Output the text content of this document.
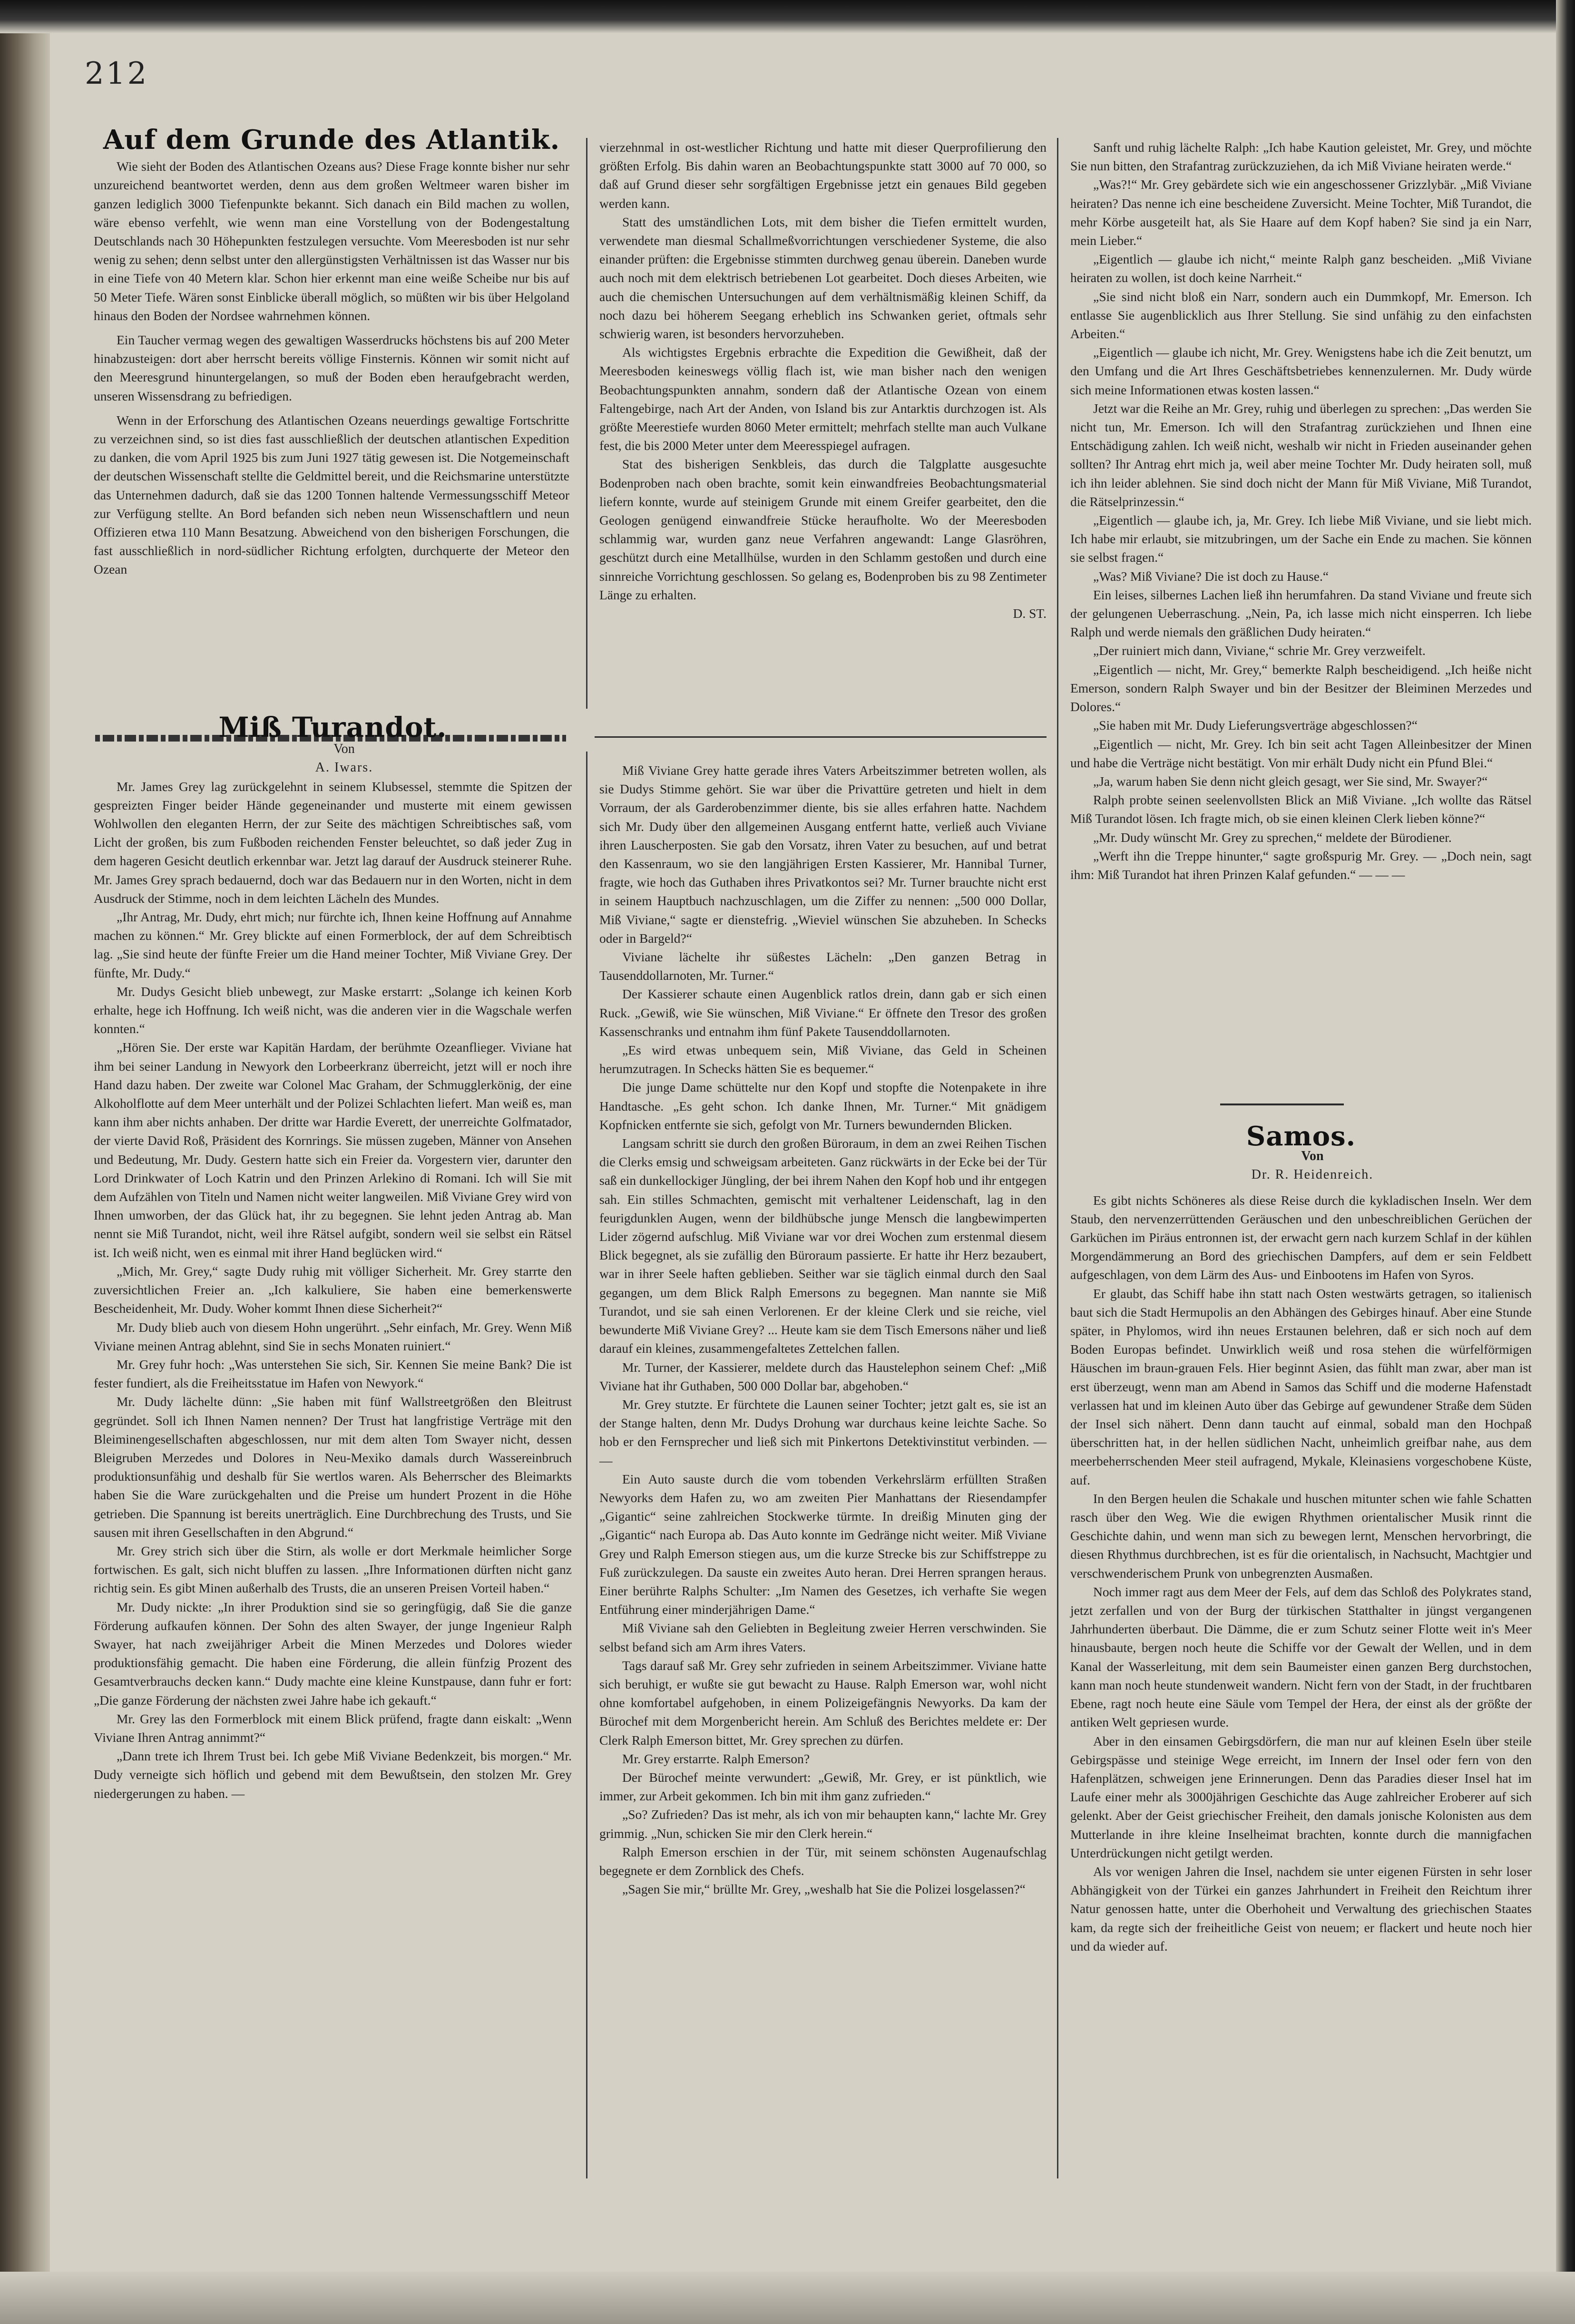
212
Auf dem Grunde des Atlantik.

Wie sieht der Boden des Atlantischen Ozeans aus? Diese Frage konnte bisher nur sehr unzureichend beantwortet werden, denn aus dem großen Weltmeer waren bisher im ganzen lediglich 3000 Tiefenpunkte bekannt. Sich danach ein Bild machen zu wollen, wäre ebenso verfehlt, wie wenn man eine Vorstellung von der Bodengestaltung Deutschlands nach 30 Höhepunkten festzulegen versuchte. Vom Meeresboden ist nur sehr wenig zu sehen; denn selbst unter den allergünstigsten Verhältnissen ist das Wasser nur bis in eine Tiefe von 40 Metern klar. Schon hier erkennt man eine weiße Scheibe nur bis auf 50 Meter Tiefe. Wären sonst Einblicke überall möglich, so müßten wir bis über Helgoland hinaus den Boden der Nordsee wahrnehmen können.

Ein Taucher vermag wegen des gewaltigen Wasserdrucks höchstens bis auf 200 Meter hinabzusteigen: dort aber herrscht bereits völlige Finsternis. Können wir somit nicht auf den Meeresgrund hinuntergelangen, so muß der Boden eben heraufgebracht werden, unseren Wissensdrang zu befriedigen.

Wenn in der Erforschung des Atlantischen Ozeans neuerdings gewaltige Fortschritte zu verzeichnen sind, so ist dies fast ausschließlich der deutschen atlantischen Expedition zu danken, die vom April 1925 bis zum Juni 1927 tätig gewesen ist. Die Notgemeinschaft der deutschen Wissenschaft stellte die Geldmittel bereit, und die Reichsmarine unterstützte das Unternehmen dadurch, daß sie das 1200 Tonnen haltende Vermessungsschiff Meteor zur Verfügung stellte. An Bord befanden sich neben neun Wissenschaftlern und neun Offizieren etwa 110 Mann Besatzung. Abweichend von den bisherigen Forschungen, die fast ausschließlich in nord-südlicher Richtung erfolgten, durchquerte der Meteor den Ozean

vierzehnmal in ost-westlicher Richtung und hatte mit dieser Querprofilierung den größten Erfolg. Bis dahin waren an Beobachtungspunkte statt 3000 auf 70 000, so daß auf Grund dieser sehr sorgfältigen Ergebnisse jetzt ein genaues Bild gegeben werden kann.

Statt des umständlichen Lots, mit dem bisher die Tiefen ermittelt wurden, verwendete man diesmal Schallmeßvorrichtungen verschiedener Systeme, die also einander prüften: die Ergebnisse stimmten durchweg genau überein. Daneben wurde auch noch mit dem elektrisch betriebenen Lot gearbeitet. Doch dieses Arbeiten, wie auch die chemischen Untersuchungen auf dem verhältnismäßig kleinen Schiff, da noch dazu bei höherem Seegang erheblich ins Schwanken geriet, oftmals sehr schwierig waren, ist besonders hervorzuheben.

Als wichtigstes Ergebnis erbrachte die Expedition die Gewißheit, daß der Meeresboden keineswegs völlig flach ist, wie man bisher nach den wenigen Beobachtungspunkten annahm, sondern daß der Atlantische Ozean von einem Faltengebirge, nach Art der Anden, von Island bis zur Antarktis durchzogen ist. Als größte Meerestiefe wurden 8060 Meter ermittelt; mehrfach stellte man auch Vulkane fest, die bis 2000 Meter unter dem Meeresspiegel aufragen.

Stat des bisherigen Senkbleis, das durch die Talgplatte ausgesuchte Bodenproben nach oben brachte, somit kein einwandfreies Beobachtungsmaterial liefern konnte, wurde auf steinigem Grunde mit einem Greifer gearbeitet, den die Geologen genügend einwandfreie Stücke heraufholte. Wo der Meeresboden schlammig war, wurden ganz neue Verfahren angewandt: Lange Glasröhren, geschützt durch eine Metallhülse, wurden in den Schlamm gestoßen und durch eine sinnreiche Vorrichtung geschlossen. So gelang es, Bodenproben bis zu 98 Zentimeter Länge zu erhalten.

D. ST.

Miß Turandot.

Von

A. Iwars.

Mr. James Grey lag zurückgelehnt in seinem Klubsessel, stemmte die Spitzen der gespreizten Finger beider Hände gegeneinander und musterte mit einem gewissen Wohlwollen den eleganten Herrn, der zur Seite des mächtigen Schreibtisches saß, vom Licht der großen, bis zum Fußboden reichenden Fenster beleuchtet, so daß jeder Zug in dem hageren Gesicht deutlich erkennbar war. Jetzt lag darauf der Ausdruck steinerer Ruhe. Mr. James Grey sprach bedauernd, doch war das Bedauern nur in den Worten, nicht in dem Ausdruck der Stimme, noch in dem leichten Lächeln des Mundes.

„Ihr Antrag, Mr. Dudy, ehrt mich; nur fürchte ich, Ihnen keine Hoffnung auf Annahme machen zu können.“ Mr. Grey blickte auf einen Formerblock, der auf dem Schreibtisch lag. „Sie sind heute der fünfte Freier um die Hand meiner Tochter, Miß Viviane Grey. Der fünfte, Mr. Dudy.“

Mr. Dudys Gesicht blieb unbewegt, zur Maske erstarrt: „Solange ich keinen Korb erhalte, hege ich Hoffnung. Ich weiß nicht, was die anderen vier in die Wagschale werfen konnten.“

„Hören Sie. Der erste war Kapitän Hardam, der berühmte Ozeanflieger. Viviane hat ihm bei seiner Landung in Newyork den Lorbeerkranz überreicht, jetzt will er noch ihre Hand dazu haben. Der zweite war Colonel Mac Graham, der Schmugglerkönig, der eine Alkoholflotte auf dem Meer unterhält und der Polizei Schlachten liefert. Man weiß es, man kann ihm aber nichts anhaben. Der dritte war Hardie Everett, der unerreichte Golfmatador, der vierte David Roß, Präsident des Kornrings. Sie müssen zugeben, Männer von Ansehen und Bedeutung, Mr. Dudy. Gestern hatte sich ein Freier da. Vorgestern vier, darunter den Lord Drinkwater of Loch Katrin und den Prinzen Arlekino di Romani. Ich will Sie mit dem Aufzählen von Titeln und Namen nicht weiter langweilen. Miß Viviane Grey wird von Ihnen umworben, der das Glück hat, ihr zu begegnen. Sie lehnt jeden Antrag ab. Man nennt sie Miß Turandot, nicht, weil ihre Rätsel aufgibt, sondern weil sie selbst ein Rätsel ist. Ich weiß nicht, wen es einmal mit ihrer Hand beglücken wird.“

„Mich, Mr. Grey,“ sagte Dudy ruhig mit völliger Sicherheit. Mr. Grey starrte den zuversichtlichen Freier an. „Ich kalkuliere, Sie haben eine bemerkenswerte Bescheidenheit, Mr. Dudy. Woher kommt Ihnen diese Sicherheit?“

Mr. Dudy blieb auch von diesem Hohn ungerührt. „Sehr einfach, Mr. Grey. Wenn Miß Viviane meinen Antrag ablehnt, sind Sie in sechs Monaten ruiniert.“

Mr. Grey fuhr hoch: „Was unterstehen Sie sich, Sir. Kennen Sie meine Bank? Die ist fester fundiert, als die Freiheitsstatue im Hafen von Newyork.“

Mr. Dudy lächelte dünn: „Sie haben mit fünf Wallstreetgrößen den Bleitrust gegründet. Soll ich Ihnen Namen nennen? Der Trust hat langfristige Verträge mit den Bleiminengesellschaften abgeschlossen, nur mit dem alten Tom Swayer nicht, dessen Bleigruben Merzedes und Dolores in Neu-Mexiko damals durch Wassereinbruch produktionsunfähig und deshalb für Sie wertlos waren. Als Beherrscher des Bleimarkts haben Sie die Ware zurückgehalten und die Preise um hundert Prozent in die Höhe getrieben. Die Spannung ist bereits unerträglich. Eine Durchbrechung des Trusts, und Sie sausen mit ihren Gesellschaften in den Abgrund.“

Mr. Grey strich sich über die Stirn, als wolle er dort Merkmale heimlicher Sorge fortwischen. Es galt, sich nicht bluffen zu lassen. „Ihre Informationen dürften nicht ganz richtig sein. Es gibt Minen außerhalb des Trusts, die an unseren Preisen Vorteil haben.“

Mr. Dudy nickte: „In ihrer Produktion sind sie so geringfügig, daß Sie die ganze Förderung aufkaufen können. Der Sohn des alten Swayer, der junge Ingenieur Ralph Swayer, hat nach zweijähriger Arbeit die Minen Merzedes und Dolores wieder produktionsfähig gemacht. Die haben eine Förderung, die allein fünfzig Prozent des Gesamtverbrauchs decken kann.“ Dudy machte eine kleine Kunstpause, dann fuhr er fort: „Die ganze Förderung der nächsten zwei Jahre habe ich gekauft.“

Mr. Grey las den Formerblock mit einem Blick prüfend, fragte dann eiskalt: „Wenn Viviane Ihren Antrag annimmt?“

„Dann trete ich Ihrem Trust bei. Ich gebe Miß Viviane Bedenkzeit, bis morgen.“ Mr. Dudy verneigte sich höflich und gebend mit dem Bewußtsein, den stolzen Mr. Grey niedergerungen zu haben. —

Miß Viviane Grey hatte gerade ihres Vaters Arbeitszimmer betreten wollen, als sie Dudys Stimme gehört. Sie war über die Privattüre getreten und hielt in dem Vorraum, der als Garderobenzimmer diente, bis sie alles erfahren hatte. Nachdem sich Mr. Dudy über den allgemeinen Ausgang entfernt hatte, verließ auch Viviane ihren Lauscherposten. Sie gab den Vorsatz, ihren Vater zu besuchen, auf und betrat den Kassenraum, wo sie den langjährigen Ersten Kassierer, Mr. Hannibal Turner, fragte, wie hoch das Guthaben ihres Privatkontos sei? Mr. Turner brauchte nicht erst in seinem Hauptbuch nachzuschlagen, um die Ziffer zu nennen: „500 000 Dollar, Miß Viviane,“ sagte er dienstefrig. „Wieviel wünschen Sie abzuheben. In Schecks oder in Bargeld?“

Viviane lächelte ihr süßestes Lächeln: „Den ganzen Betrag in Tausenddollarnoten, Mr. Turner.“

Der Kassierer schaute einen Augenblick ratlos drein, dann gab er sich einen Ruck. „Gewiß, wie Sie wünschen, Miß Viviane.“ Er öffnete den Tresor des großen Kassenschranks und entnahm ihm fünf Pakete Tausenddollarnoten.

„Es wird etwas unbequem sein, Miß Viviane, das Geld in Scheinen herumzutragen. In Schecks hätten Sie es bequemer.“

Die junge Dame schüttelte nur den Kopf und stopfte die Notenpakete in ihre Handtasche. „Es geht schon. Ich danke Ihnen, Mr. Turner.“ Mit gnädigem Kopfnicken entfernte sie sich, gefolgt von Mr. Turners bewundernden Blicken.

Langsam schritt sie durch den großen Büroraum, in dem an zwei Reihen Tischen die Clerks emsig und schweigsam arbeiteten. Ganz rückwärts in der Ecke bei der Tür saß ein dunkellockiger Jüngling, der bei ihrem Nahen den Kopf hob und ihr entgegen sah. Ein stilles Schmachten, gemischt mit verhaltener Leidenschaft, lag in den feurigdunklen Augen, wenn der bildhübsche junge Mensch die langbewimperten Lider zögernd aufschlug. Miß Viviane war vor drei Wochen zum erstenmal diesem Blick begegnet, als sie zufällig den Büroraum passierte. Er hatte ihr Herz bezaubert, war in ihrer Seele haften geblieben. Seither war sie täglich einmal durch den Saal gegangen, um dem Blick Ralph Emersons zu begegnen. Man nannte sie Miß Turandot, und sie sah einen Verlorenen. Er der kleine Clerk und sie reiche, viel bewunderte Miß Viviane Grey? ... Heute kam sie dem Tisch Emersons näher und ließ darauf ein kleines, zusammengefaltetes Zettelchen fallen.

Mr. Turner, der Kassierer, meldete durch das Haustelephon seinem Chef: „Miß Viviane hat ihr Guthaben, 500 000 Dollar bar, abgehoben.“

Mr. Grey stutzte. Er fürchtete die Launen seiner Tochter; jetzt galt es, sie ist an der Stange halten, denn Mr. Dudys Drohung war durchaus keine leichte Sache. So hob er den Fernsprecher und ließ sich mit Pinkertons Detektivinstitut verbinden. — —

Ein Auto sauste durch die vom tobenden Verkehrslärm erfüllten Straßen Newyorks dem Hafen zu, wo am zweiten Pier Manhattans der Riesendampfer „Gigantic“ seine zahlreichen Stockwerke türmte. In dreißig Minuten ging der „Gigantic“ nach Europa ab. Das Auto konnte im Gedränge nicht weiter. Miß Viviane Grey und Ralph Emerson stiegen aus, um die kurze Strecke bis zur Schiffstreppe zu Fuß zurückzulegen. Da sauste ein zweites Auto heran. Drei Herren sprangen heraus. Einer berührte Ralphs Schulter: „Im Namen des Gesetzes, ich verhafte Sie wegen Entführung einer minderjährigen Dame.“

Miß Viviane sah den Geliebten in Begleitung zweier Herren verschwinden. Sie selbst befand sich am Arm ihres Vaters.

Tags darauf saß Mr. Grey sehr zufrieden in seinem Arbeitszimmer. Viviane hatte sich beruhigt, er wußte sie gut bewacht zu Hause. Ralph Emerson war, wohl nicht ohne komfortabel aufgehoben, in einem Polizeigefängnis Newyorks. Da kam der Bürochef mit dem Morgenbericht herein. Am Schluß des Berichtes meldete er: Der Clerk Ralph Emerson bittet, Mr. Grey sprechen zu dürfen.

Mr. Grey erstarrte. Ralph Emerson?

Der Bürochef meinte verwundert: „Gewiß, Mr. Grey, er ist pünktlich, wie immer, zur Arbeit gekommen. Ich bin mit ihm ganz zufrieden.“

„So? Zufrieden? Das ist mehr, als ich von mir behaupten kann,“ lachte Mr. Grey grimmig. „Nun, schicken Sie mir den Clerk herein.“

Ralph Emerson erschien in der Tür, mit seinem schönsten Augenaufschlag begegnete er dem Zornblick des Chefs.

„Sagen Sie mir,“ brüllte Mr. Grey, „weshalb hat Sie die Polizei losgelassen?“

Sanft und ruhig lächelte Ralph: „Ich habe Kaution geleistet, Mr. Grey, und möchte Sie nun bitten, den Strafantrag zurückzuziehen, da ich Miß Viviane heiraten werde.“

„Was?!“ Mr. Grey gebärdete sich wie ein angeschossener Grizzlybär. „Miß Viviane heiraten? Das nenne ich eine bescheidene Zuversicht. Meine Tochter, Miß Turandot, die mehr Körbe ausgeteilt hat, als Sie Haare auf dem Kopf haben? Sie sind ja ein Narr, mein Lieber.“

„Eigentlich — glaube ich nicht,“ meinte Ralph ganz bescheiden. „Miß Viviane heiraten zu wollen, ist doch keine Narrheit.“

„Sie sind nicht bloß ein Narr, sondern auch ein Dummkopf, Mr. Emerson. Ich entlasse Sie augenblicklich aus Ihrer Stellung. Sie sind unfähig zu den einfachsten Arbeiten.“

„Eigentlich — glaube ich nicht, Mr. Grey. Wenigstens habe ich die Zeit benutzt, um den Umfang und die Art Ihres Geschäftsbetriebes kennenzulernen. Mr. Dudy würde sich meine Informationen etwas kosten lassen.“

Jetzt war die Reihe an Mr. Grey, ruhig und überlegen zu sprechen: „Das werden Sie nicht tun, Mr. Emerson. Ich will den Strafantrag zurückziehen und Ihnen eine Entschädigung zahlen. Ich weiß nicht, weshalb wir nicht in Frieden auseinander gehen sollten? Ihr Antrag ehrt mich ja, weil aber meine Tochter Mr. Dudy heiraten soll, muß ich ihn leider ablehnen. Sie sind doch nicht der Mann für Miß Viviane, Miß Turandot, die Rätselprinzessin.“

„Eigentlich — glaube ich, ja, Mr. Grey. Ich liebe Miß Viviane, und sie liebt mich. Ich habe mir erlaubt, sie mitzubringen, um der Sache ein Ende zu machen. Sie können sie selbst fragen.“

„Was? Miß Viviane? Die ist doch zu Hause.“

Ein leises, silbernes Lachen ließ ihn herumfahren. Da stand Viviane und freute sich der gelungenen Ueberraschung. „Nein, Pa, ich lasse mich nicht einsperren. Ich liebe Ralph und werde niemals den gräßlichen Dudy heiraten.“

„Der ruiniert mich dann, Viviane,“ schrie Mr. Grey verzweifelt.

„Eigentlich — nicht, Mr. Grey,“ bemerkte Ralph bescheidigend. „Ich heiße nicht Emerson, sondern Ralph Swayer und bin der Besitzer der Bleiminen Merzedes und Dolores.“

„Sie haben mit Mr. Dudy Lieferungsverträge abgeschlossen?“

„Eigentlich — nicht, Mr. Grey. Ich bin seit acht Tagen Alleinbesitzer der Minen und habe die Verträge nicht bestätigt. Von mir erhält Dudy nicht ein Pfund Blei.“

„Ja, warum haben Sie denn nicht gleich gesagt, wer Sie sind, Mr. Swayer?“

Ralph probte seinen seelenvollsten Blick an Miß Viviane. „Ich wollte das Rätsel Miß Turandot lösen. Ich fragte mich, ob sie einen kleinen Clerk lieben könne?“

„Mr. Dudy wünscht Mr. Grey zu sprechen,“ meldete der Bürodiener.

„Werft ihn die Treppe hinunter,“ sagte großspurig Mr. Grey. — „Doch nein, sagt ihm: Miß Turandot hat ihren Prinzen Kalaf gefunden.“ — — —

Samos.

Von

Dr. R. Heidenreich.

Es gibt nichts Schöneres als diese Reise durch die kykladischen Inseln. Wer dem Staub, den nervenzerrüttenden Geräuschen und den unbeschreiblichen Gerüchen der Garküchen im Piräus entronnen ist, der erwacht gern nach kurzem Schlaf in der kühlen Morgendämmerung an Bord des griechischen Dampfers, auf dem er sein Feldbett aufgeschlagen, von dem Lärm des Aus- und Einbootens im Hafen von Syros.

Er glaubt, das Schiff habe ihn statt nach Osten westwärts getragen, so italienisch baut sich die Stadt Hermupolis an den Abhängen des Gebirges hinauf. Aber eine Stunde später, in Phylomos, wird ihn neues Erstaunen belehren, daß er sich noch auf dem Boden Europas befindet. Unwirklich weiß und rosa stehen die würfelförmigen Häuschen im braun-grauen Fels. Hier beginnt Asien, das fühlt man zwar, aber man ist erst überzeugt, wenn man am Abend in Samos das Schiff und die moderne Hafenstadt verlassen hat und im kleinen Auto über das Gebirge auf gewundener Straße dem Süden der Insel sich nähert. Denn dann taucht auf einmal, sobald man den Hochpaß überschritten hat, in der hellen südlichen Nacht, unheimlich greifbar nahe, aus dem meerbeherrschenden Meer steil aufragend, Mykale, Kleinasiens vorgeschobene Küste, auf.

In den Bergen heulen die Schakale und huschen mitunter schen wie fahle Schatten rasch über den Weg. Wie die ewigen Rhythmen orientalischer Musik rinnt die Geschichte dahin, und wenn man sich zu bewegen lernt, Menschen hervorbringt, die diesen Rhythmus durchbrechen, ist es für die orientalisch, in Nachsucht, Machtgier und verschwenderischem Prunk von unbegrenzten Ausmaßen.

Noch immer ragt aus dem Meer der Fels, auf dem das Schloß des Polykrates stand, jetzt zerfallen und von der Burg der türkischen Statthalter in jüngst vergangenen Jahrhunderten überbaut. Die Dämme, die er zum Schutz seiner Flotte weit in's Meer hinausbaute, bergen noch heute die Schiffe vor der Gewalt der Wellen, und in dem Kanal der Wasserleitung, mit dem sein Baumeister einen ganzen Berg durchstochen, kann man noch heute stundenweit wandern. Nicht fern von der Stadt, in der fruchtbaren Ebene, ragt noch heute eine Säule vom Tempel der Hera, der einst als der größte der antiken Welt gepriesen wurde.

Aber in den einsamen Gebirgsdörfern, die man nur auf kleinen Eseln über steile Gebirgspässe und steinige Wege erreicht, im Innern der Insel oder fern von den Hafenplätzen, schweigen jene Erinnerungen. Denn das Paradies dieser Insel hat im Laufe einer mehr als 3000jährigen Geschichte das Auge zahlreicher Eroberer auf sich gelenkt. Aber der Geist griechischer Freiheit, den damals jonische Kolonisten aus dem Mutterlande in ihre kleine Inselheimat brachten, konnte durch die mannigfachen Unterdrückungen nicht getilgt werden.

Als vor wenigen Jahren die Insel, nachdem sie unter eigenen Fürsten in sehr loser Abhängigkeit von der Türkei ein ganzes Jahrhundert in Freiheit den Reichtum ihrer Natur genossen hatte, unter die Oberhoheit und Verwaltung des griechischen Staates kam, da regte sich der freiheitliche Geist von neuem; er flackert und heute noch hier und da wieder auf.
